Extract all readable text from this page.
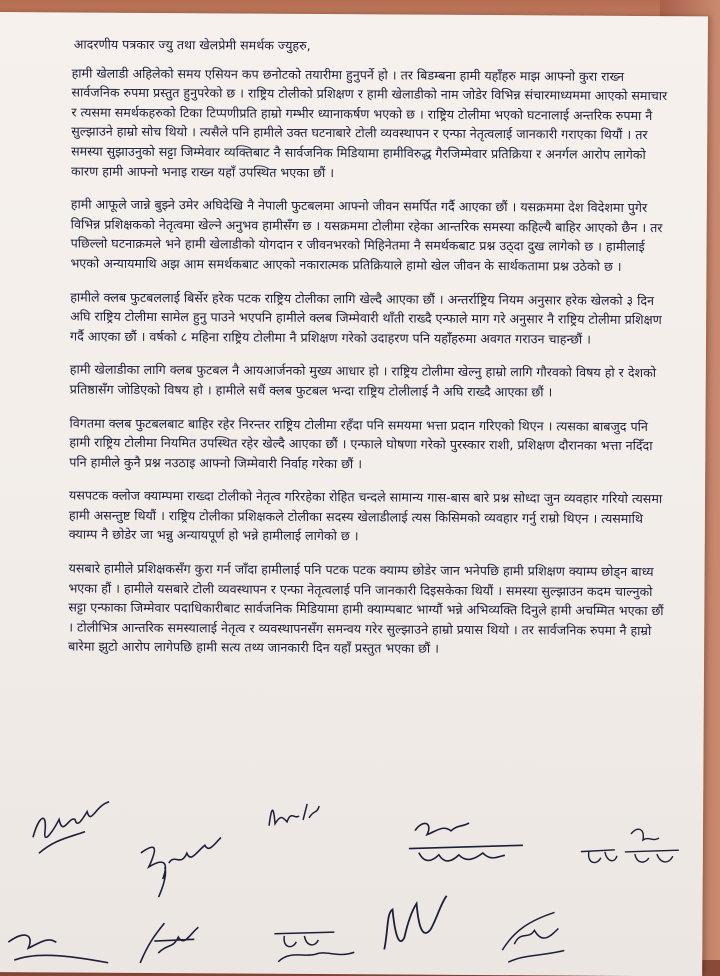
आदरणीय पत्रकार ज्यु तथा खेलप्रेमी समर्थक ज्युहरु,

हामी खेलाडी अहिलेको समय एसियन कप छनोटको तयारीमा हुनुपर्ने हो । तर बिडम्बना हामी यहाँहरु माझ आफ्नो कुरा राख्न सार्वजनिक रुपमा प्रस्तुत हुनुपरेको छ । राष्ट्रिय टोलीको प्रशिक्षण र हामी खेलाडीको नाम जोडेर विभिन्न संचारमाध्यममा आएको समाचार र त्यसमा समर्थकहरुको टिका टिप्पणीप्रति हाम्रो गम्भीर ध्यानाकर्षण भएको छ । राष्ट्रिय टोलीमा भएको घटनालाई अन्तरिक रुपमा नै सुल्झाउने हाम्रो सोच थियो । त्यसैले पनि हामीले उक्त घटनाबारे टोली व्यवस्थापन र एन्फा नेतृत्वलाई जानकारी गराएका थियौं । तर समस्या सुझाउनुको सट्टा जिम्मेवार व्यक्तिबाट नै सार्वजनिक मिडियामा हामीविरुद्ध गैरजिम्मेवार प्रतिक्रिया र अनर्गल आरोप लागेको कारण हामी आफ्नो भनाइ राख्न यहाँ उपस्थित भएका छौं ।

हामी आफूले जान्ने बुझ्ने उमेर अघिदेखि नै नेपाली फुटबलमा आफ्नो जीवन समर्पित गर्दै आएका छौं । यसक्रममा देश विदेशमा पुगेर विभिन्न प्रशिक्षकको नेतृत्वमा खेल्ने अनुभव हामीसँग छ । यसक्रममा टोलीमा रहेका आन्तरिक समस्या कहिल्यै बाहिर आएको छैन । तर पछिल्लो घटनाक्रमले भने हामी खेलाडीको योगदान र जीवनभरको मिहिनेतमा नै समर्थकबाट प्रश्न उठ्दा दुख लागेको छ । हामीलाई भएको अन्यायमाथि अझ आम समर्थकबाट आएको नकारात्मक प्रतिक्रियाले हामो खेल जीवन के सार्थकतामा प्रश्न उठेको छ ।

हामीले क्लब फुटबललाई बिर्सेर हरेक पटक राष्ट्रिय टोलीका लागि खेल्दै आएका छौं । अन्तर्राष्ट्रिय नियम अनुसार हरेक खेलको ३ दिन अघि राष्ट्रिय टोलीमा सामेल हुनु पाउने भएपनि हामीले क्लब जिम्मेवारी थाँती राख्दै एन्फाले माग गरे अनुसार नै राष्ट्रिय टोलीमा प्रशिक्षण गर्दै आएका छौं । वर्षको ८ महिना राष्ट्रिय टोलीमा नै प्रशिक्षण गरेको उदाहरण पनि यहाँहरुमा अवगत गराउन चाहन्छौं ।

हामी खेलाडीका लागि क्लब फुटबल नै आयआर्जनको मुख्य आधार हो । राष्ट्रिय टोलीमा खेल्नु हाम्रो लागि गौरवको विषय हो र देशको प्रतिष्ठासँग जोडिएको विषय हो । हामीले सधैं क्लब फुटबल भन्दा राष्ट्रिय टोलीलाई नै अघि राख्दै आएका छौं ।

विगतमा क्लब फुटबलबाट बाहिर रहेर निरन्तर राष्ट्रिय टोलीमा रहँदा पनि समयमा भत्ता प्रदान गरिएको थिएन । त्यसका बाबजुद पनि हामी राष्ट्रिय टोलीमा नियमित उपस्थित रहेर खेल्दै आएका छौं । एन्फाले घोषणा गरेको पुरस्कार राशी, प्रशिक्षण दौरानका भत्ता नदिँदा पनि हामीले कुनै प्रश्न नउठाइ आफ्नो जिम्मेवारी निर्वाह गरेका छौं ।

यसपटक क्लोज क्याम्पमा राख्दा टोलीको नेतृत्व गरिरहेका रोहित चन्दले सामान्य गास-बास बारे प्रश्न सोध्दा जुन व्यवहार गरियो त्यसमा हामी असन्तुष्ट थियौं । राष्ट्रिय टोलीका प्रशिक्षकले टोलीका सदस्य खेलाडीलाई त्यस किसिमको व्यवहार गर्नु राम्रो थिएन । त्यसमाथि क्याम्प नै छोडेर जा भन्नु अन्यायपूर्ण हो भन्ने हामीलाई लागेको छ ।

यसबारे हामीले प्रशिक्षकसँग कुरा गर्न जाँदा हामीलाई पनि पटक पटक क्याम्प छोडेर जान भनेपछि हामी प्रशिक्षण क्याम्प छोड्न बाध्य भएका हौं । हामीले यसबारे टोली व्यवस्थापन र एन्फा नेतृत्वलाई पनि जानकारी दिइसकेका थियौं । समस्या सुल्झाउन कदम चाल्नुको सट्टा एन्फाका जिम्मेवार पदाधिकारीबाट सार्वजनिक मिडियामा हामी क्याम्पबाट भाग्यौं भन्ने अभिव्यक्ति दिनुले हामी अचम्मित भएका छौं । टोलीभित्र आन्तरिक समस्यालाई नेतृत्व र व्यवस्थापनसँग समन्वय गरेर सुल्झाउने हाम्रो प्रयास थियो । तर सार्वजनिक रुपमा नै हाम्रो बारेमा झुटो आरोप लागेपछि हामी सत्य तथ्य जानकारी दिन यहाँ प्रस्तुत भएका छौं ।
